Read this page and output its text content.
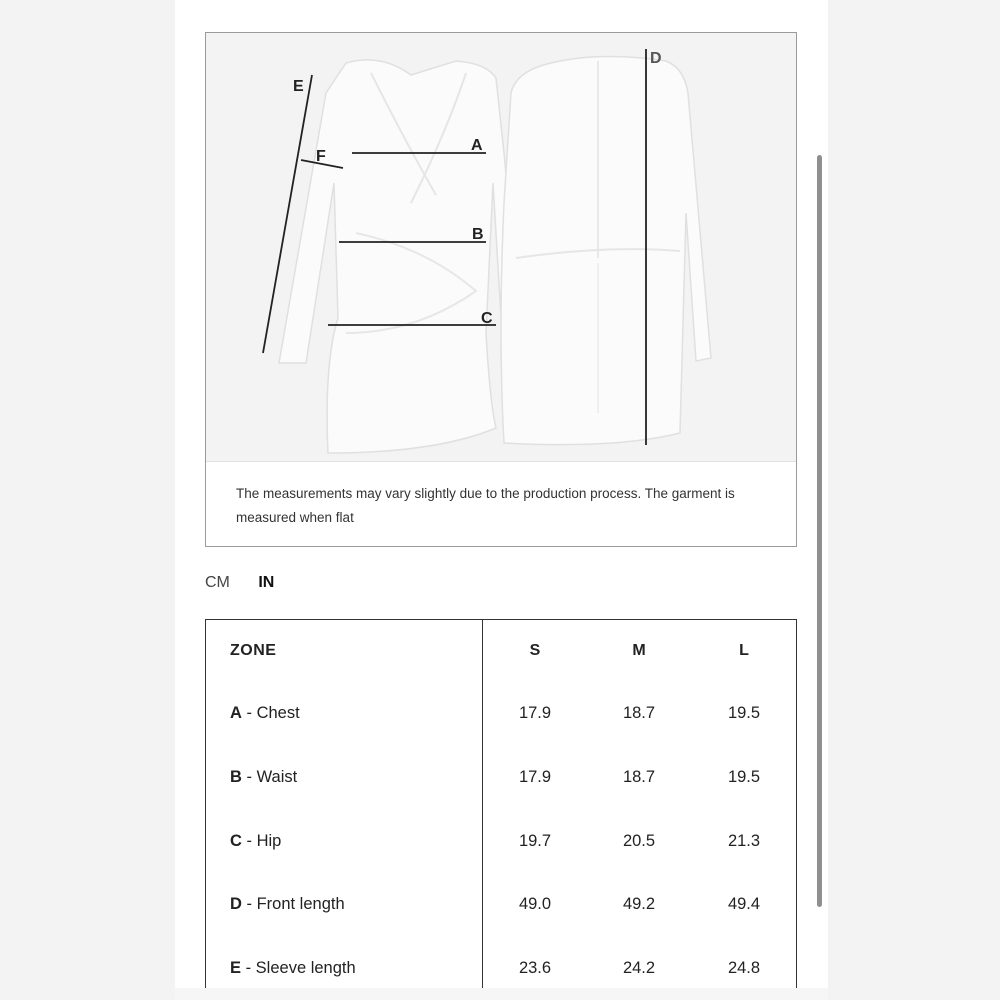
E
F
A
B
C
D
The measurements may vary slightly due to the production process. The garment is measured when flat
CM IN
ZONE	S	M	L
A - Chest	17.9	18.7	19.5
B - Waist	17.9	18.7	19.5
C - Hip	19.7	20.5	21.3
D - Front length	49.0	49.2	49.4
E - Sleeve length	23.6	24.2	24.8
